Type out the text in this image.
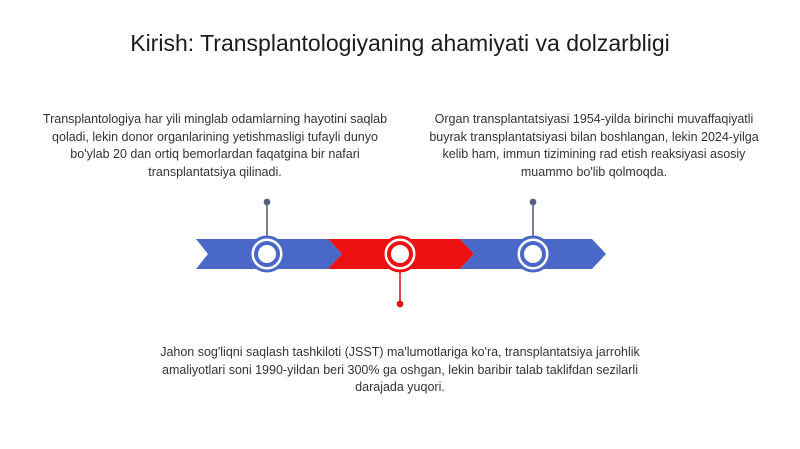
Kirish: Transplantologiyaning ahamiyati va dolzarbligi
Transplantologiya har yili minglab odamlarning hayotini saqlab qoladi, lekin donor organlarining yetishmasligi tufayli dunyo bo'ylab 20 dan ortiq bemorlardan faqatgina bir nafari transplantatsiya qilinadi.
Organ transplantatsiyasi 1954-yilda birinchi muvaffaqiyatli buyrak transplantatsiyasi bilan boshlangan, lekin 2024-yilga kelib ham, immun tizimining rad etish reaksiyasi asosiy muammo bo'lib qolmoqda.
Jahon sog'liqni saqlash tashkiloti (JSST) ma'lumotlariga ko'ra, transplantatsiya jarrohlik amaliyotlari soni 1990-yildan beri 300% ga oshgan, lekin baribir talab taklifdan sezilarli darajada yuqori.
